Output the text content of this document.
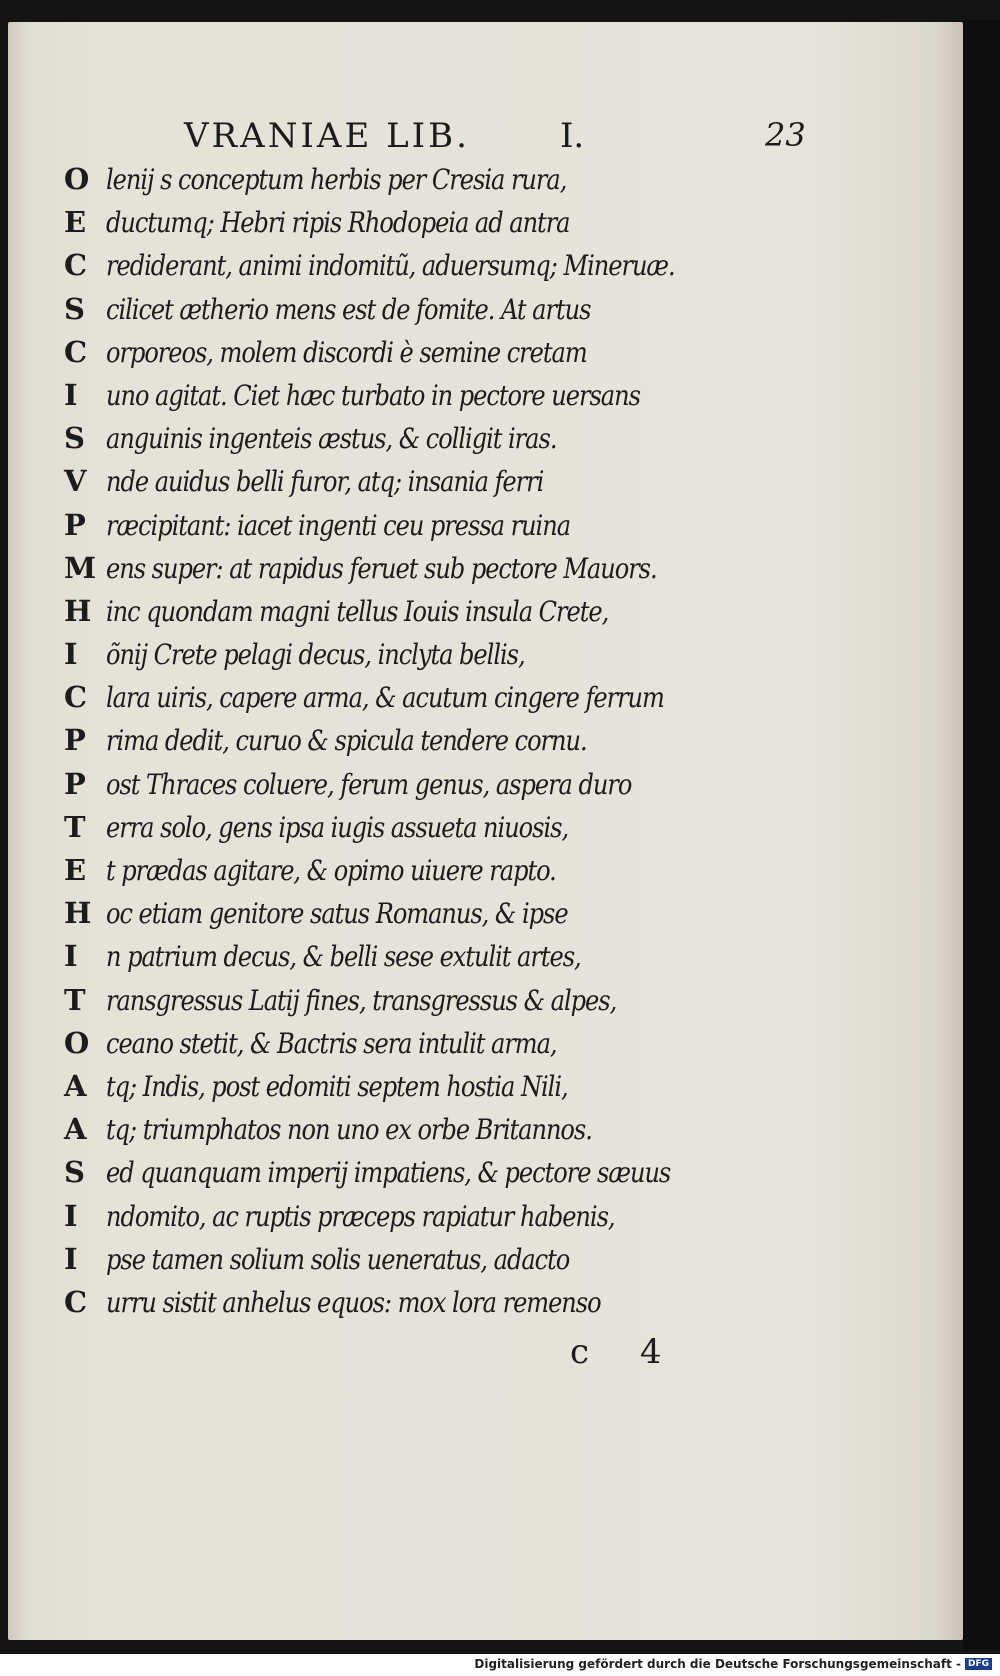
VRANIAE LIB.	I.	23
O lenij s conceptum herbis per Cresia rura,
E ductumq; Hebri ripis Rhodopeia ad antra
C rediderant, animi indomitũ, aduersumq; Mineruæ.
S cilicet ætherio mens est de fomite. At artus
C orporeos, molem discordi è semine cretam
I	uno agitat. Ciet hæc turbato in pectore uersans
S anguinis ingenteis æstus, & colligit iras.
V nde auidus belli furor, atq; insania ferri
P ræcipitant: iacet ingenti ceu pressa ruina
M ens super: at rapidus feruet sub pectore Mauors.
H inc quondam magni tellus Iouis insula Crete,
I	õnij Crete pelagi decus, inclyta bellis,
C lara uiris, capere arma, & acutum cingere ferrum
P rima dedit, curuo & spicula tendere cornu.
P ost Thraces coluere, ferum genus, aspera duro
T erra solo, gens ipsa iugis assueta niuosis,
E t prædas agitare, & opimo uiuere rapto.
H oc etiam genitore satus Romanus, & ipse
I	n patrium decus, & belli sese extulit artes,
T ransgressus Latij fines, transgressus & alpes,
O ceano stetit, & Bactris sera intulit arma,
A tq; Indis, post edomiti septem hostia Nili,
A tq; triumphatos non uno ex orbe Britannos.
S ed quanquam imperij impatiens, & pectore sæuus
I	ndomito, ac ruptis præceps rapiatur habenis,
I	pse tamen solium solis ueneratus, adacto
C urru sistit anhelus equos: mox lora remenso
c 4
Digitalisierung gefördert durch die Deutsche Forschungsgemeinschaft - DFG
